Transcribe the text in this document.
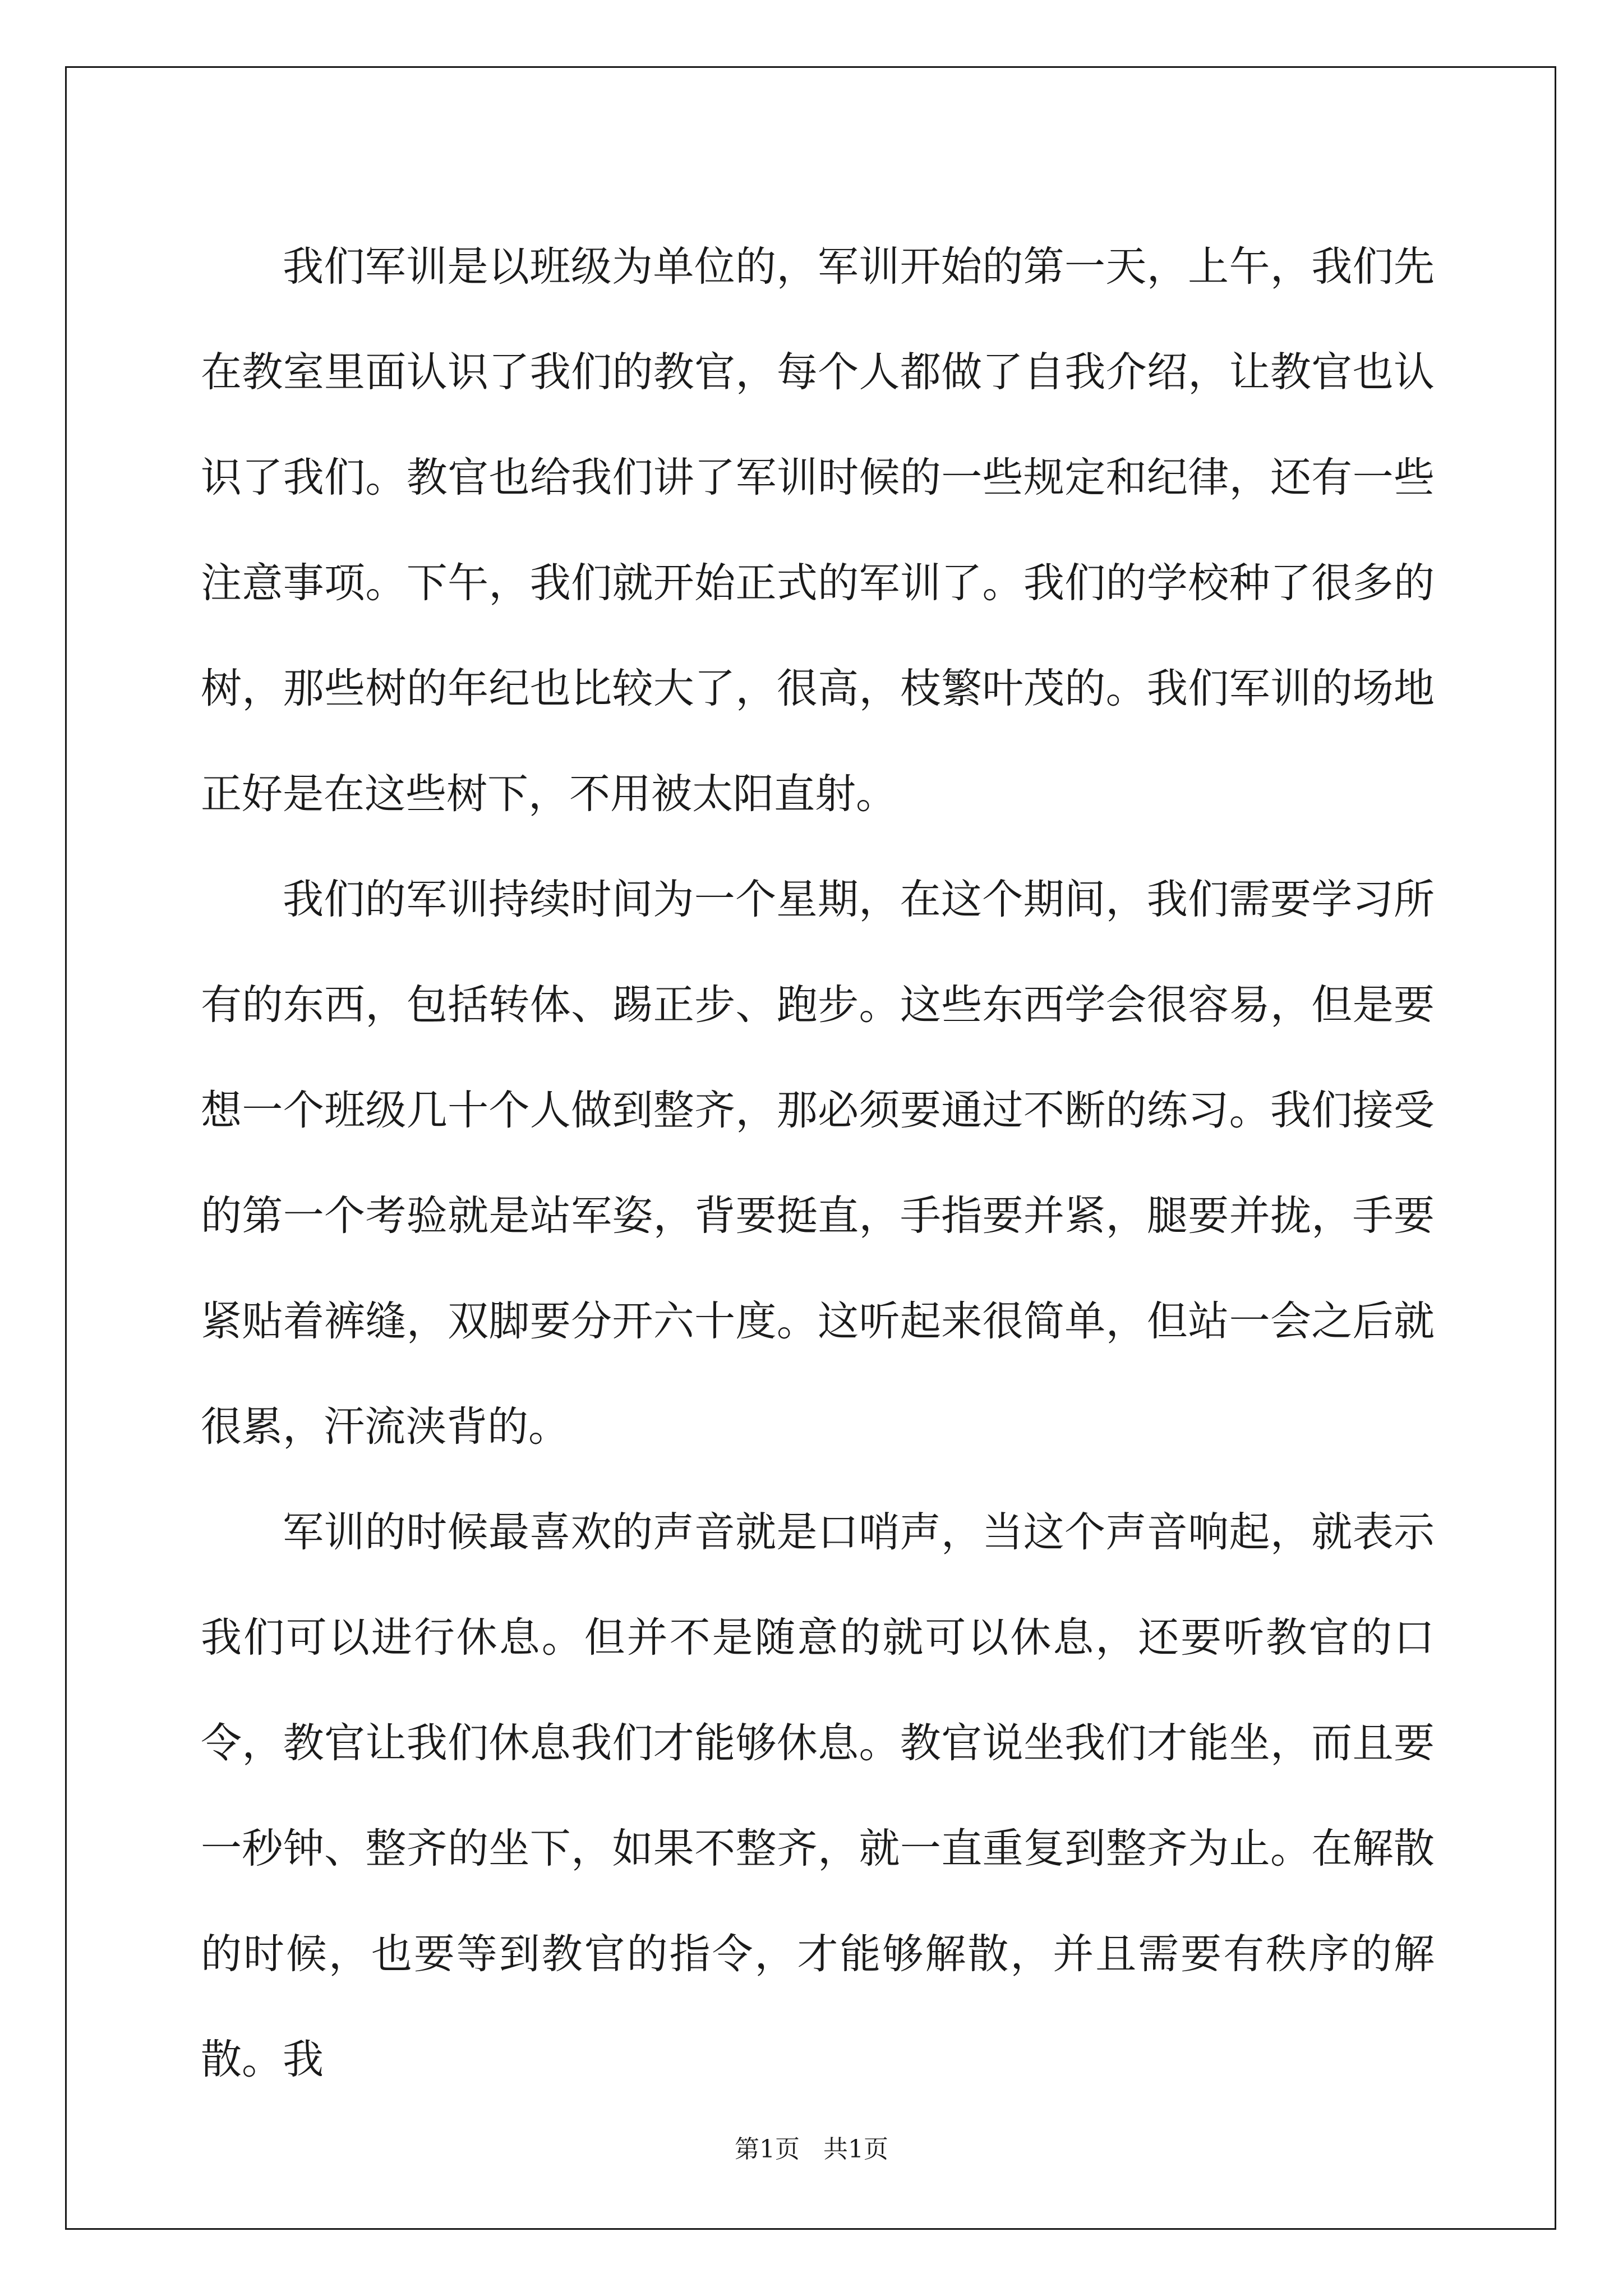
我们军训是以班级为单位的，军训开始的第一天，上午，我们先在教室里面认识了我们的教官，每个人都做了自我介绍，让教官也认识了我们。教官也给我们讲了军训时候的一些规定和纪律，还有一些注意事项。下午，我们就开始正式的军训了。我们的学校种了很多的树，那些树的年纪也比较大了，很高，枝繁叶茂的。我们军训的场地正好是在这些树下，不用被太阳直射。

我们的军训持续时间为一个星期，在这个期间，我们需要学习所有的东西，包括转体、踢正步、跑步。这些东西学会很容易，但是要想一个班级几十个人做到整齐，那必须要通过不断的练习。我们接受的第一个考验就是站军姿，背要挺直，手指要并紧，腿要并拢，手要紧贴着裤缝，双脚要分开六十度。这听起来很简单，但站一会之后就很累，汗流浃背的。

军训的时候最喜欢的声音就是口哨声，当这个声音响起，就表示我们可以进行休息。但并不是随意的就可以休息，还要听教官的口令，教官让我们休息我们才能够休息。教官说坐我们才能坐，而且要一秒钟、整齐的坐下，如果不整齐，就一直重复到整齐为止。在解散的时候，也要等到教官的指令，才能够解散，并且需要有秩序的解散。我

第1页   共1页
